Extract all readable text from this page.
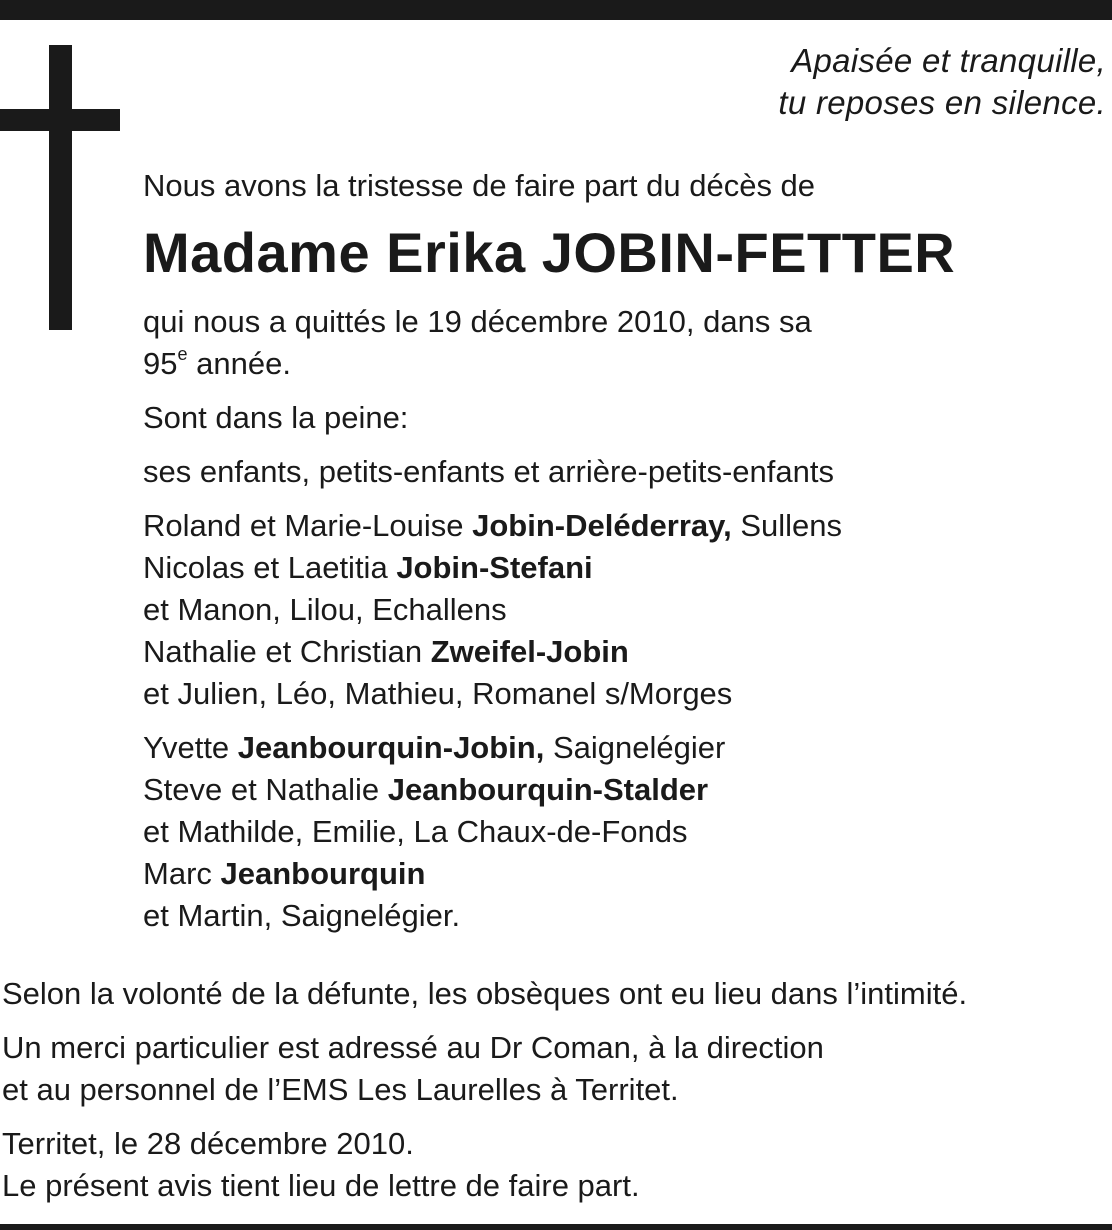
Apaisée et tranquille,
tu reposes en silence.
Nous avons la tristesse de faire part du décès de
Madame Erika JOBIN-FETTER
qui nous a quittés le 19 décembre 2010, dans sa
95e année.
Sont dans la peine:
ses enfants, petits-enfants et arrière-petits-enfants
Roland et Marie-Louise Jobin-Deléderray, Sullens
Nicolas et Laetitia Jobin-Stefani
et Manon, Lilou, Echallens
Nathalie et Christian Zweifel-Jobin
et Julien, Léo, Mathieu, Romanel s/Morges
Yvette Jeanbourquin-Jobin, Saignelégier
Steve et Nathalie Jeanbourquin-Stalder
et Mathilde, Emilie, La Chaux-de-Fonds
Marc Jeanbourquin
et Martin, Saignelégier.
Selon la volonté de la défunte, les obsèques ont eu lieu dans l’intimité.
Un merci particulier est adressé au Dr Coman, à la direction
et au personnel de l’EMS Les Laurelles à Territet.
Territet, le 28 décembre 2010.
Le présent avis tient lieu de lettre de faire part.
